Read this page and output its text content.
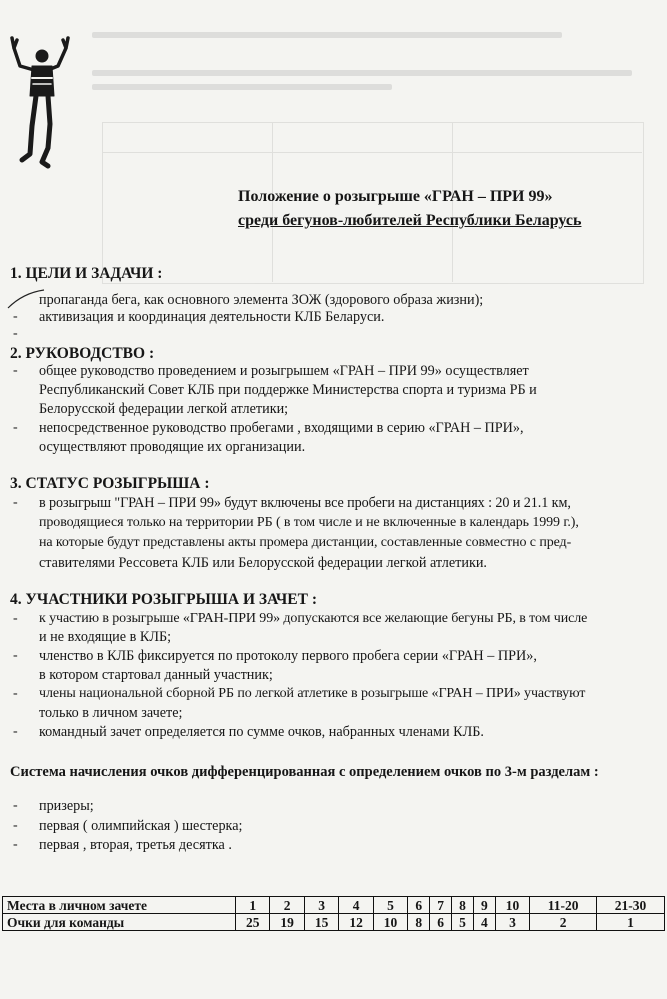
Положение о розыгрыше «ГРАН – ПРИ 99»
среди бегунов-любителей Республики Беларусь
1. ЦЕЛИ И ЗАДАЧИ :
пропаганда бега, как основного элемента ЗОЖ (здорового образа жизни);
- активизация и координация деятельности КЛБ Беларуси.
-
2. РУКОВОДСТВО :
- общее руководство проведением и розыгрышем «ГРАН – ПРИ 99» осуществляет
Республиканский Совет КЛБ при поддержке Министерства спорта и туризма РБ и
Белорусской федерации легкой атлетики;
- непосредственное руководство пробегами , входящими в серию «ГРАН – ПРИ»,
осуществляют проводящие их организации.
3. СТАТУС РОЗЫГРЫША :
- в розыгрыш "ГРАН – ПРИ 99» будут включены все пробеги на дистанциях : 20 и 21.1 км,
проводящиеся только на территории РБ ( в том числе и не включенные в календарь 1999 г.),
на которые будут представлены акты промера дистанции, составленные совместно с пред-
ставителями Рессовета КЛБ или Белорусской федерации легкой атлетики.
4. УЧАСТНИКИ РОЗЫГРЫША И ЗАЧЕТ :
- к участию в розыгрыше «ГРАН-ПРИ 99» допускаются все желающие бегуны РБ, в том числе
и не входящие в КЛБ;
- членство в КЛБ фиксируется по протоколу первого пробега серии «ГРАН – ПРИ»,
в котором стартовал данный участник;
- члены национальной сборной РБ по легкой атлетике в розыгрыше «ГРАН – ПРИ» участвуют
только в личном зачете;
- командный зачет определяется по сумме очков, набранных членами КЛБ.
Система начисления очков дифференцированная с определением очков по 3-м разделам :
- призеры;
- первая ( олимпийская ) шестерка;
- первая , вторая, третья десятка .
Места в личном зачете	1	2	3	4	5	6	7	8	9	10	11-20	21-30
Очки для команды	25	19	15	12	10	8	6	5	4	3	2	1
